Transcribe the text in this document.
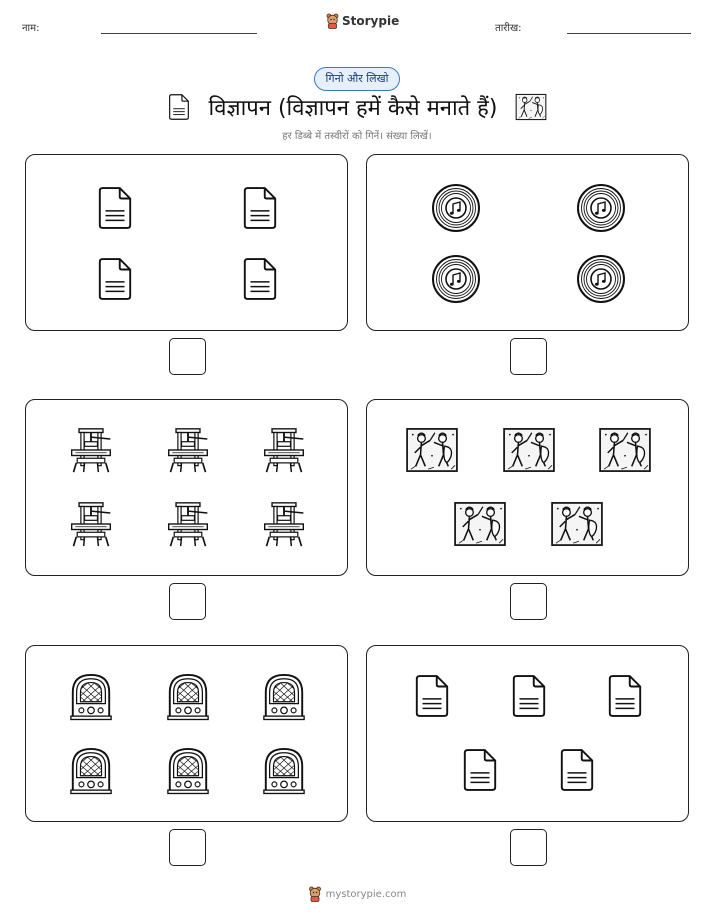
नाम:
Storypie
तारीख:
गिनो और लिखो
विज्ञापन (विज्ञापन हमें कैसे मनाते हैं)
हर डिब्बे में तस्वीरों को गिनें। संख्या लिखें।
mystorypie.com
